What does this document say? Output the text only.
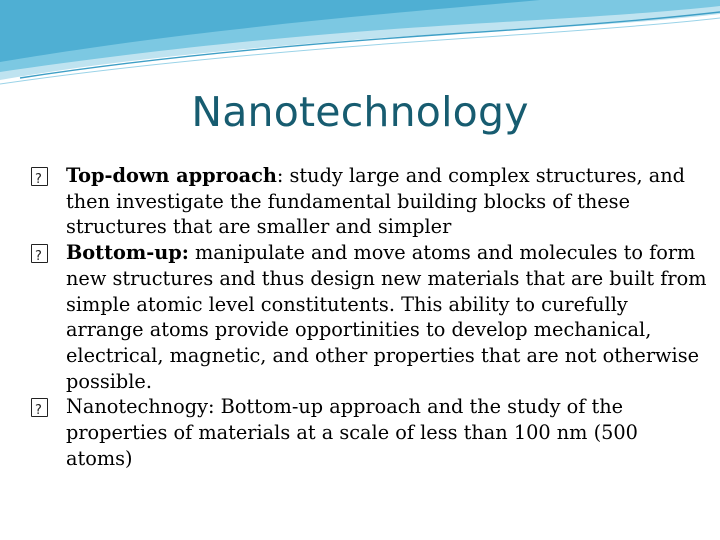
Nanotechnology
?
Top-down approach: study large and complex structures, and then investigate the fundamental building blocks of these structures that are smaller and simpler
?
Bottom-up: manipulate and move atoms and molecules to form new structures and thus design new materials that are built from simple atomic level constitutents. This ability to curefully arrange atoms provide opportinities to develop mechanical, electrical, magnetic, and other properties that are not otherwise possible.
?
Nanotechnogy: Bottom-up approach and the study of the properties of materials at a scale of less than 100 nm (500 atoms)
